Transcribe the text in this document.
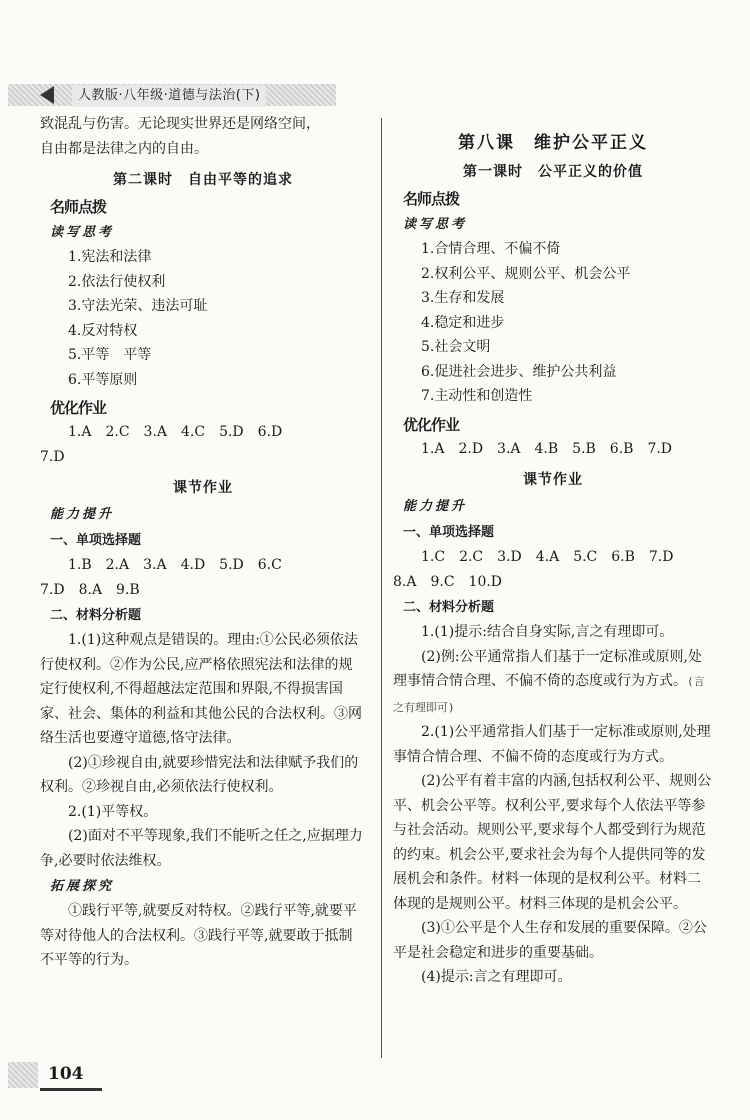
人教版·八年级·道德与法治(下)

致混乱与伤害。无论现实世界还是网络空间，

自由都是法律之内的自由。

第二课时　自由平等的追求
名师点拨
读写思考

1.宪法和法律

2.依法行使权利

3.守法光荣、违法可耻

4.反对特权

5.平等　平等

6.平等原则

优化作业

1.A　2.C　3.A　4.C　5.D　6.D

7.D

课节作业
能力提升
一、单项选择题

1.B　2.A　3.A　4.D　5.D　6.C

7.D　8.A　9.B

二、材料分析题

1.(1)这种观点是错误的。理由:①公民必须依法行使权利。②作为公民,应严格依照宪法和法律的规定行使权利,不得超越法定范围和界限,不得损害国家、社会、集体的利益和其他公民的合法权利。③网络生活也要遵守道德,恪守法律。

(2)①珍视自由,就要珍惜宪法和法律赋予我们的权利。②珍视自由,必须依法行使权利。

2.(1)平等权。

(2)面对不平等现象,我们不能听之任之,应据理力争,必要时依法维权。

拓展探究

①践行平等,就要反对特权。②践行平等,就要平等对待他人的合法权利。③践行平等,就要敢于抵制不平等的行为。

第八课　维护公平正义
第一课时　公平正义的价值
名师点拨
读写思考

1.合情合理、不偏不倚

2.权利公平、规则公平、机会公平

3.生存和发展

4.稳定和进步

5.社会文明

6.促进社会进步、维护公共利益

7.主动性和创造性

优化作业

1.A　2.D　3.A　4.B　5.B　6.B　7.D

课节作业
能力提升
一、单项选择题

1.C　2.C　3.D　4.A　5.C　6.B　7.D

8.A　9.C　10.D

二、材料分析题

1.(1)提示:结合自身实际,言之有理即可。

(2)例:公平通常指人们基于一定标准或原则,处理事情合情合理、不偏不倚的态度或行为方式。(言之有理即可)

2.(1)公平通常指人们基于一定标准或原则,处理事情合情合理、不偏不倚的态度或行为方式。

(2)公平有着丰富的内涵,包括权利公平、规则公平、机会公平等。权利公平,要求每个人依法平等参与社会活动。规则公平,要求每个人都受到行为规范的约束。机会公平,要求社会为每个人提供同等的发展机会和条件。材料一体现的是权利公平。材料二体现的是规则公平。材料三体现的是机会公平。

(3)①公平是个人生存和发展的重要保障。②公平是社会稳定和进步的重要基础。

(4)提示:言之有理即可。

104
